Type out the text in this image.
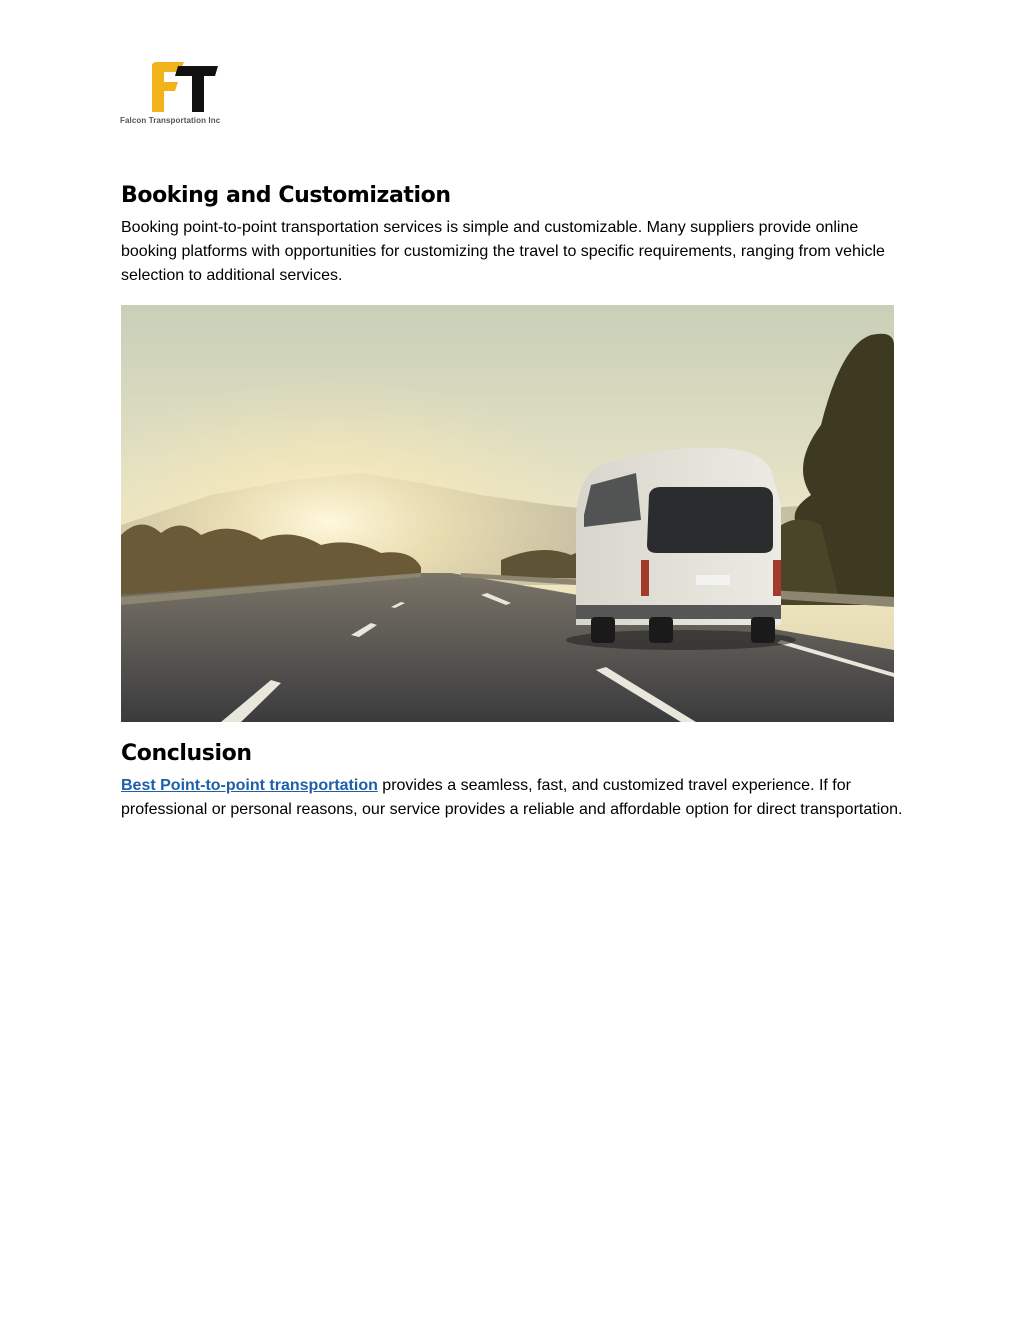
Falcon Transportation Inc
Booking and Customization

Booking point-to-point transportation services is simple and customizable. Many suppliers provide online booking platforms with opportunities for customizing the travel to specific requirements, ranging from vehicle selection to additional services.

Conclusion

Best Point-to-point transportation provides a seamless, fast, and customized travel experience. If for professional or personal reasons, our service provides a reliable and affordable option for direct transportation.
